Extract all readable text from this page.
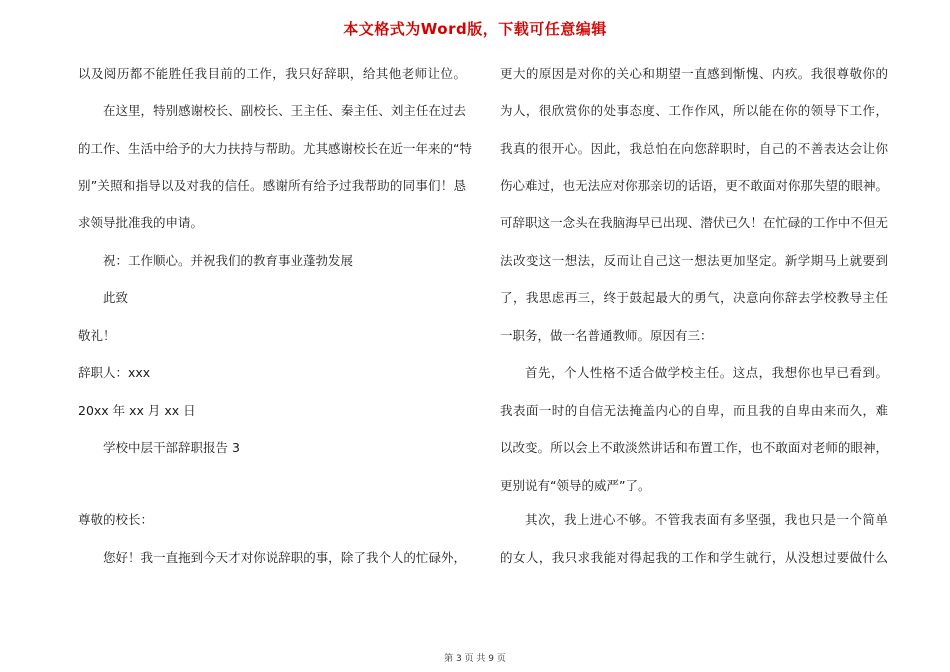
本文格式为Word版，下载可任意编辑
以及阅历都不能胜任我目前的工作，我只好辞职，给其他老师让位。
在这里，特别感谢校长、副校长、王主任、秦主任、刘主任在过去
的工作、生活中给予的大力扶持与帮助。尤其感谢校长在近一年来的“特
别”关照和指导以及对我的信任。感谢所有给予过我帮助的同事们！恳
求领导批准我的申请。
祝：工作顺心。并祝我们的教育事业蓬勃发展
此致
敬礼！
辞职人：xxx
20xx 年 xx 月 xx 日
学校中层干部辞职报告 3
尊敬的校长：
您好！我一直拖到今天才对你说辞职的事，除了我个人的忙碌外，
更大的原因是对你的关心和期望一直感到惭愧、内疚。我很尊敬你的
为人，很欣赏你的处事态度、工作作风，所以能在你的领导下工作，
我真的很开心。因此，我总怕在向您辞职时，自己的不善表达会让你
伤心难过，也无法应对你那亲切的话语，更不敢面对你那失望的眼神。
可辞职这一念头在我脑海早已出现、潜伏已久！在忙碌的工作中不但无
法改变这一想法，反而让自己这一想法更加坚定。新学期马上就要到
了，我思虑再三，终于鼓起最大的勇气，决意向你辞去学校教导主任
一职务，做一名普通教师。原因有三：
首先，个人性格不适合做学校主任。这点，我想你也早已看到。
我表面一时的自信无法掩盖内心的自卑，而且我的自卑由来而久，难
以改变。所以会上不敢淡然讲话和布置工作，也不敢面对老师的眼神，
更别说有“领导的威严”了。
其次，我上进心不够。不管我表面有多坚强，我也只是一个简单
的女人，我只求我能对得起我的工作和学生就行，从没想过要做什么
第 3 页 共 9 页
